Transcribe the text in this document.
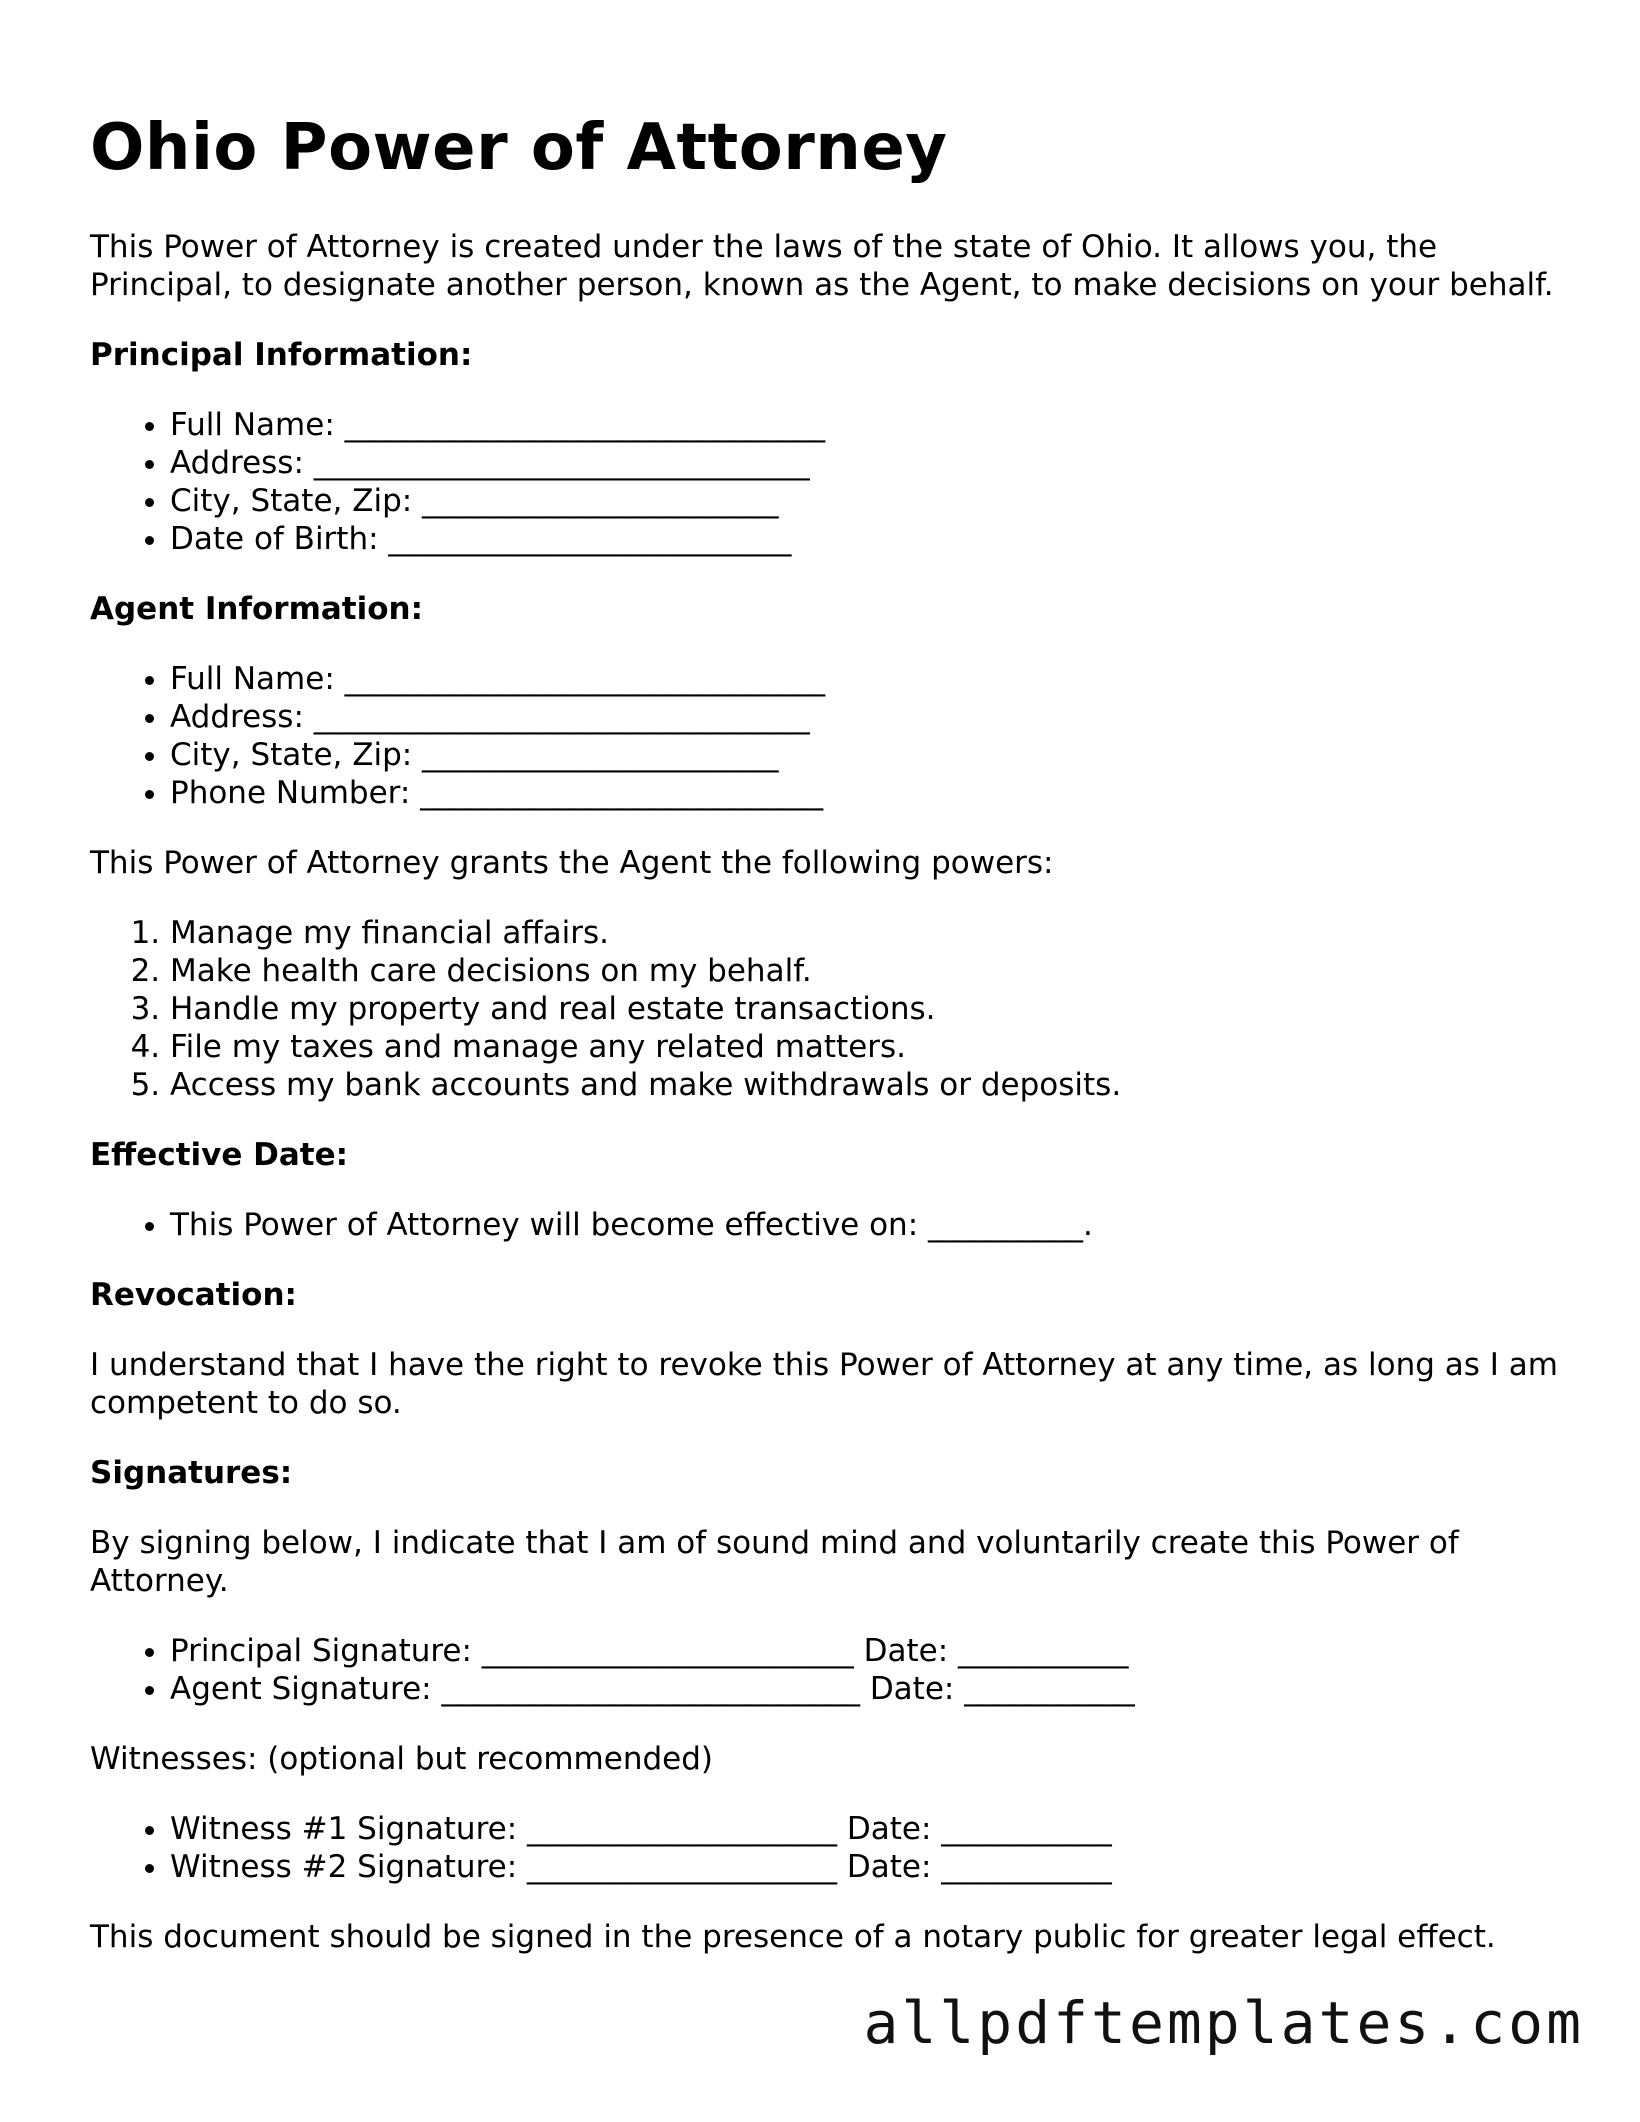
Ohio Power of Attorney

This Power of Attorney is created under the laws of the state of Ohio. It allows you, the Principal, to designate another person, known as the Agent, to make decisions on your behalf.

Principal Information:
• Full Name: _______________________________
• Address: ________________________________
• City, State, Zip: _______________________
• Date of Birth: __________________________
Agent Information:
• Full Name: _______________________________
• Address: ________________________________
• City, State, Zip: _______________________
• Phone Number: __________________________

This Power of Attorney grants the Agent the following powers:

1. Manage my financial affairs.
2. Make health care decisions on my behalf.
3. Handle my property and real estate transactions.
4. File my taxes and manage any related matters.
5. Access my bank accounts and make withdrawals or deposits.
Effective Date:
• This Power of Attorney will become effective on: __________.
Revocation:

I understand that I have the right to revoke this Power of Attorney at any time, as long as I am competent to do so.

Signatures:

By signing below, I indicate that I am of sound mind and voluntarily create this Power of Attorney.

• Principal Signature: ________________________ Date: ___________
• Agent Signature: ___________________________ Date: ___________

Witnesses: (optional but recommended)

• Witness #1 Signature: ____________________ Date: ___________
• Witness #2 Signature: ____________________ Date: ___________

This document should be signed in the presence of a notary public for greater legal effect.

allpdftemplates.com
